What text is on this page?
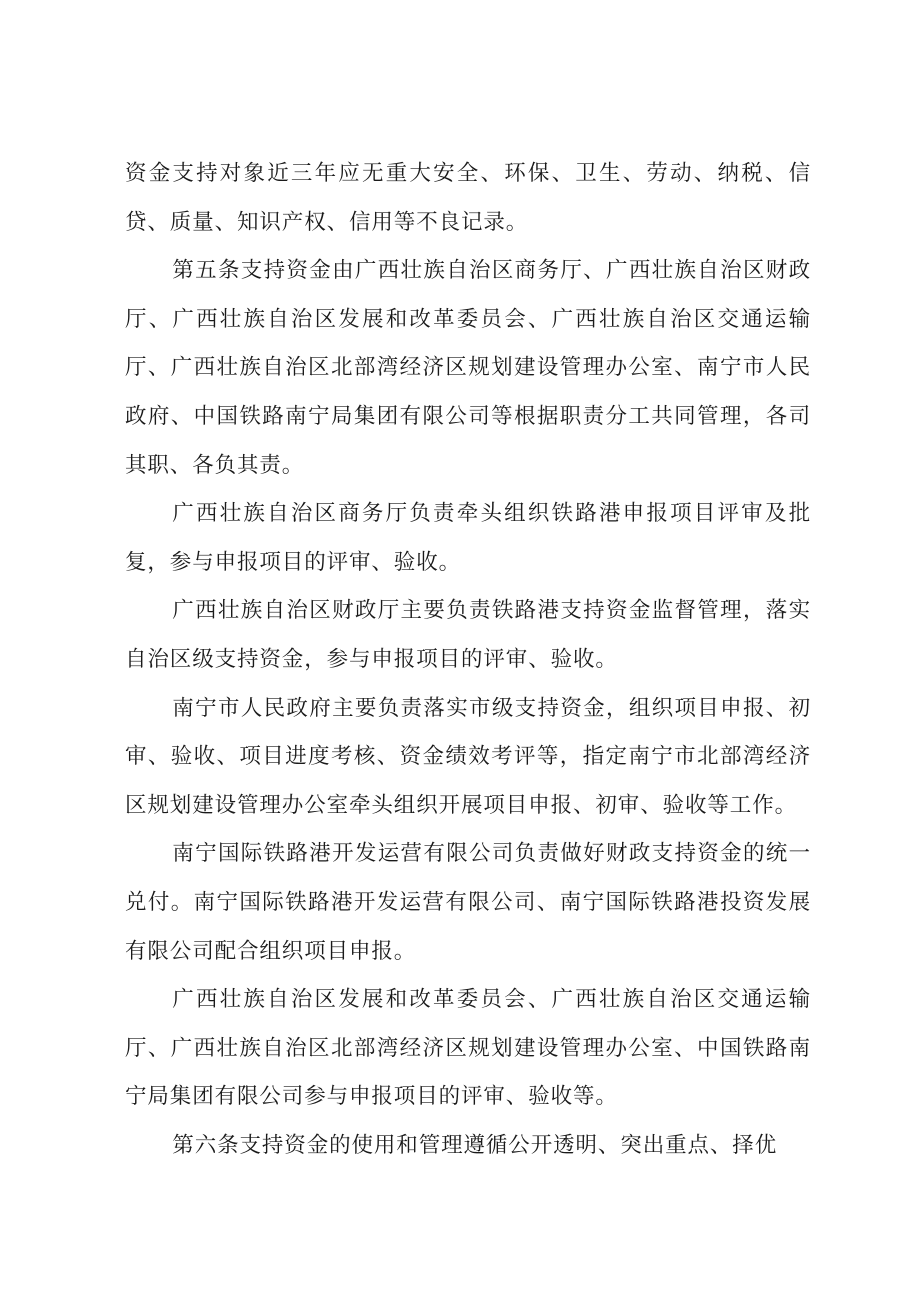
资金支持对象近三年应无重大安全、环保、卫生、劳动、纳税、信贷、质量、知识产权、信用等不良记录。

第五条支持资金由广西壮族自治区商务厅、广西壮族自治区财政厅、广西壮族自治区发展和改革委员会、广西壮族自治区交通运输厅、广西壮族自治区北部湾经济区规划建设管理办公室、南宁市人民政府、中国铁路南宁局集团有限公司等根据职责分工共同管理，各司其职、各负其责。

广西壮族自治区商务厅负责牵头组织铁路港申报项目评审及批复，参与申报项目的评审、验收。

广西壮族自治区财政厅主要负责铁路港支持资金监督管理，落实自治区级支持资金，参与申报项目的评审、验收。

南宁市人民政府主要负责落实市级支持资金，组织项目申报、初审、验收、项目进度考核、资金绩效考评等，指定南宁市北部湾经济区规划建设管理办公室牵头组织开展项目申报、初审、验收等工作。

南宁国际铁路港开发运营有限公司负责做好财政支持资金的统一兑付。南宁国际铁路港开发运营有限公司、南宁国际铁路港投资发展有限公司配合组织项目申报。

广西壮族自治区发展和改革委员会、广西壮族自治区交通运输厅、广西壮族自治区北部湾经济区规划建设管理办公室、中国铁路南宁局集团有限公司参与申报项目的评审、验收等。

第六条支持资金的使用和管理遵循公开透明、突出重点、择优
